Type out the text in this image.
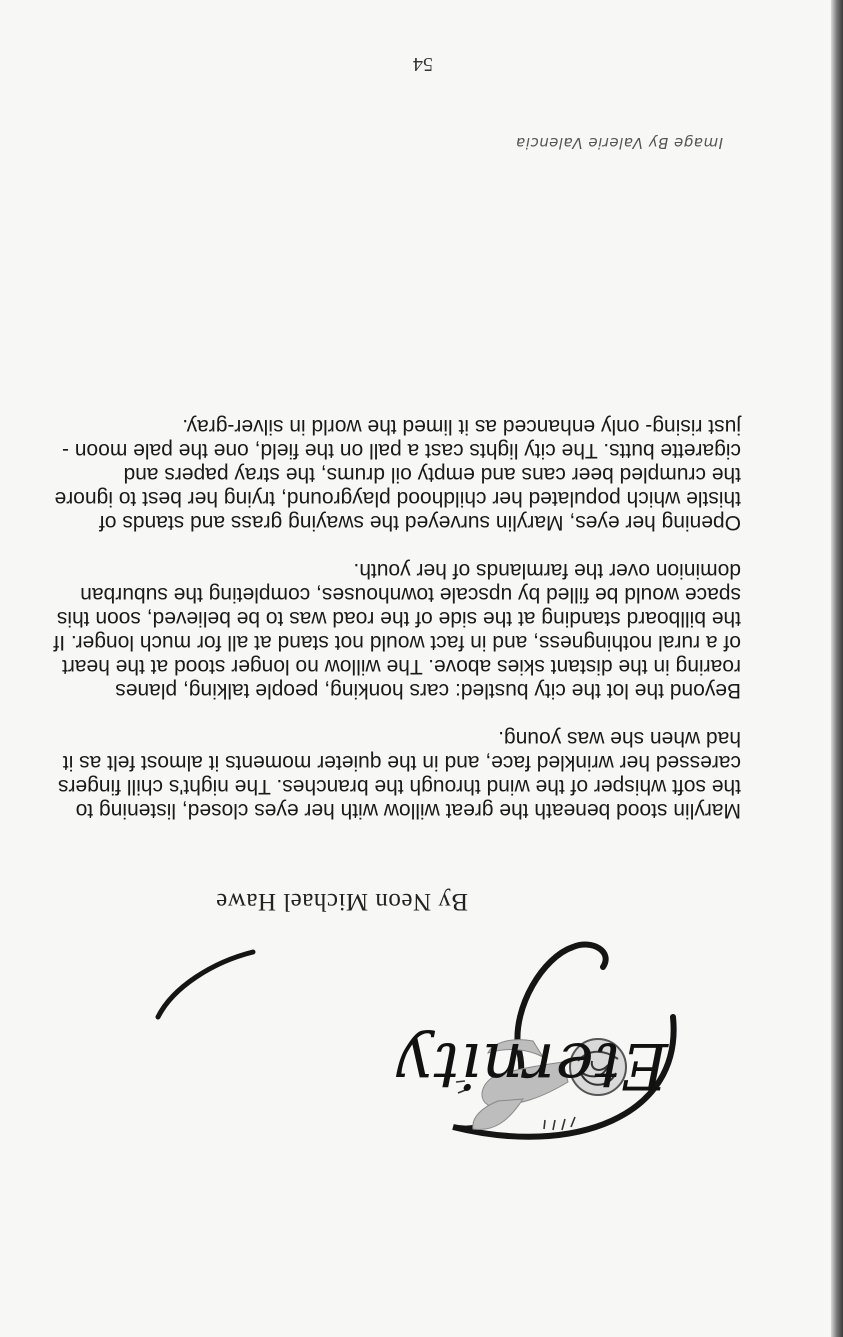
Eternity
By Neon Michael Hawe

Marylin stood beneath the great willow with her eyes closed, listening to the soft whisper of the wind through the branches. The night's chill fingers caressed her wrinkled face, and in the quieter moments it almost felt as it had when she was young.

Beyond the lot the city bustled: cars honking, people talking, planes roaring in the distant skies above. The willow no longer stood at the heart of a rural nothingness, and in fact would not stand at all for much longer. If the billboard standing at the side of the road was to be believed, soon this space would be filled by upscale townhouses, completing the suburban dominion over the farmlands of her youth.

Opening her eyes, Marylin surveyed the swaying grass and stands of thistle which populated her childhood playground, trying her best to ignore the crumpled beer cans and empty oil drums, the stray papers and cigarette butts. The city lights cast a pall on the field, one the pale moon -just rising- only enhanced as it limed the world in silver-gray.

Image By Valerie Valencia
54
